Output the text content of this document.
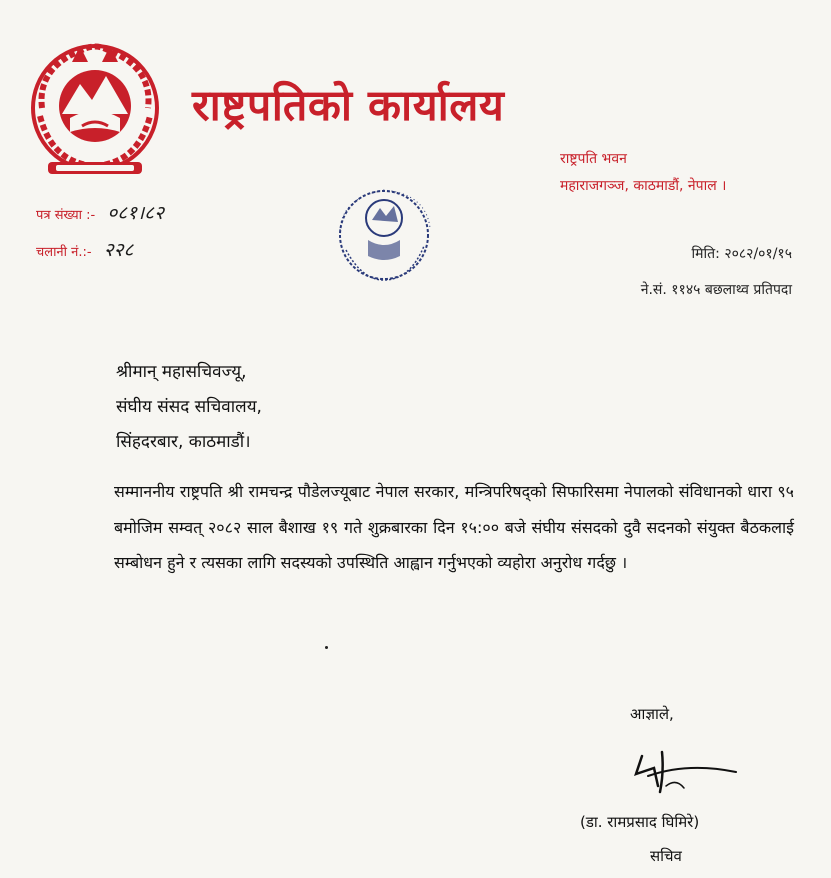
राष्ट्रपतिको कार्यालय
राष्ट्रपति भवन
महाराजगञ्ज, काठमाडौं, नेपाल ।
पत्र संख्या :- ०८१।८२
चलानी नं.:- २२८	मिति: २०८२/०१/१५
ने.सं. ११४५ बछलाथ्व प्रतिपदा
श्रीमान् महासचिवज्यू,
संघीय संसद सचिवालय,
सिंहदरबार, काठमाडौं।
सम्माननीय राष्ट्रपति श्री रामचन्द्र पौडेलज्यूबाट नेपाल सरकार, मन्त्रिपरिषद्को सिफारिसमा नेपालको संविधानको धारा ९५ बमोजिम सम्वत् २०८२ साल बैशाख १९ गते शुक्रबारका दिन १५:०० बजे संघीय संसदको दुवै सदनको संयुक्त बैठकलाई सम्बोधन हुने र त्यसका लागि सदस्यको उपस्थिति आह्वान गर्नुभएको व्यहोरा अनुरोध गर्दछु ।
आज्ञाले,
(डा. रामप्रसाद घिमिरे)
सचिव
